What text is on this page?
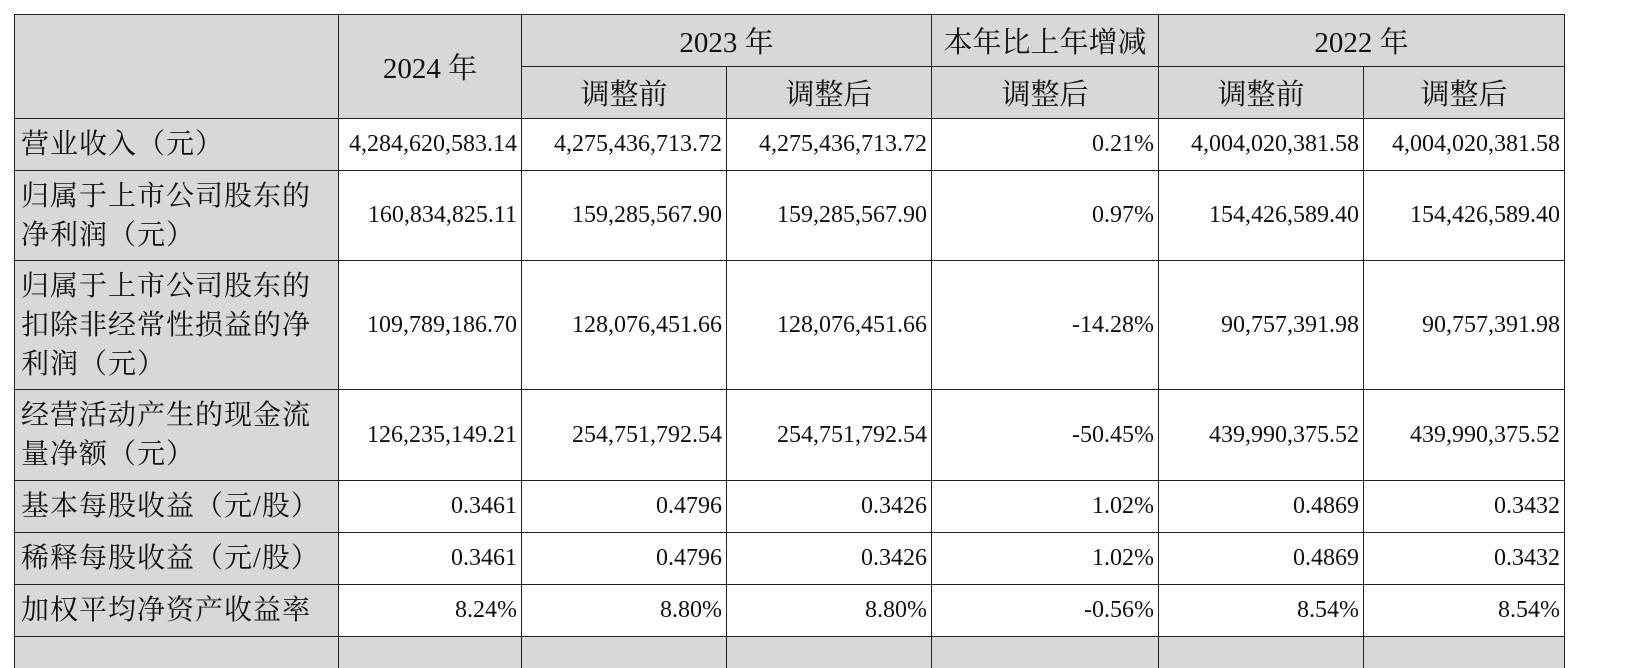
	2024 年	2023 年		本年比上年增减	2022 年	
		调整前	调整后	调整后	调整前	调整后
营业收入（元）	4,284,620,583.14	4,275,436,713.72	4,275,436,713.72	0.21%	4,004,020,381.58	4,004,020,381.58
归属于上市公司股东的净利润（元）	160,834,825.11	159,285,567.90	159,285,567.90	0.97%	154,426,589.40	154,426,589.40
归属于上市公司股东的扣除非经常性损益的净利润（元）	109,789,186.70	128,076,451.66	128,076,451.66	-14.28%	90,757,391.98	90,757,391.98
经营活动产生的现金流量净额（元）	126,235,149.21	254,751,792.54	254,751,792.54	-50.45%	439,990,375.52	439,990,375.52
基本每股收益（元/股）	0.3461	0.4796	0.3426	1.02%	0.4869	0.3432
稀释每股收益（元/股）	0.3461	0.4796	0.3426	1.02%	0.4869	0.3432
加权平均净资产收益率	8.24%	8.80%	8.80%	-0.56%	8.54%	8.54%
